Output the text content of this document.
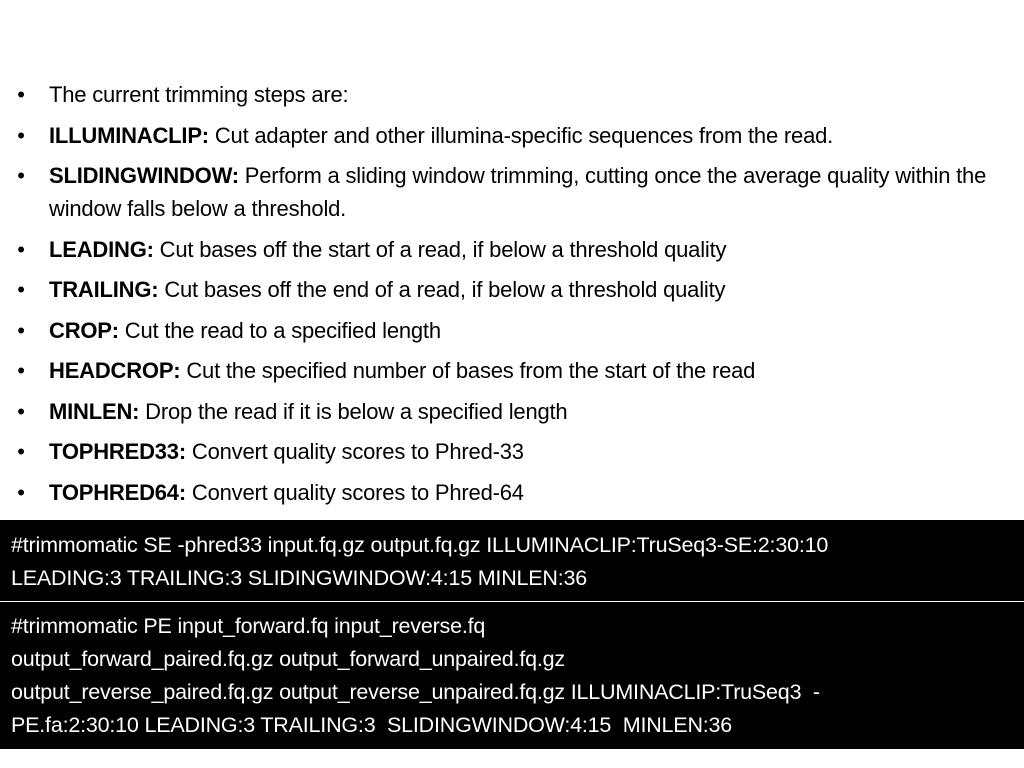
• The current trimming steps are:
• ILLUMINACLIP: Cut adapter and other illumina-specific sequences from the read.
• SLIDINGWINDOW: Perform a sliding window trimming, cutting once the average quality within the window falls below a threshold.
• LEADING: Cut bases off the start of a read, if below a threshold quality
• TRAILING: Cut bases off the end of a read, if below a threshold quality
• CROP: Cut the read to a specified length
• HEADCROP: Cut the specified number of bases from the start of the read
• MINLEN: Drop the read if it is below a specified length
• TOPHRED33: Convert quality scores to Phred-33
• TOPHRED64: Convert quality scores to Phred-64
#trimmomatic SE -phred33 input.fq.gz output.fq.gz ILLUMINACLIP:TruSeq3-SE:2:30:10
LEADING:3 TRAILING:3 SLIDINGWINDOW:4:15 MINLEN:36
#trimmomatic PE input_forward.fq input_reverse.fq
output_forward_paired.fq.gz output_forward_unpaired.fq.gz
output_reverse_paired.fq.gz output_reverse_unpaired.fq.gz ILLUMINACLIP:TruSeq3  -
PE.fa:2:30:10 LEADING:3 TRAILING:3  SLIDINGWINDOW:4:15  MINLEN:36
